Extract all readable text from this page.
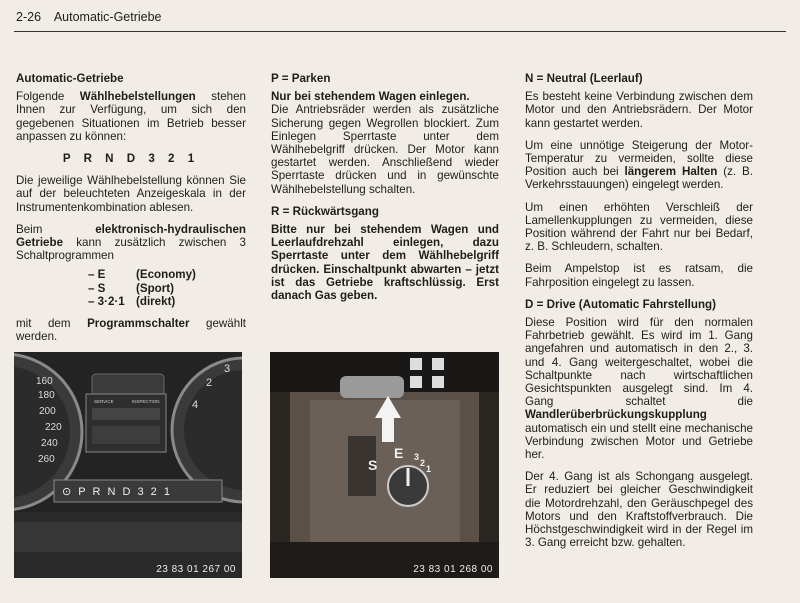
2-26 Automatic-Getriebe
Automatic-Getriebe

Folgende Wählhebelstellungen stehen Ihnen zur Verfügung, um sich den gegebenen Situationen im Betrieb besser anpassen zu können:

P R N D 3 2 1

Die jeweilige Wählhebelstellung können Sie auf der beleuchteten Anzeigeskala in der Instrumentenkombination ablesen.

Beim elektronisch-hydraulischen Getriebe kann zusätzlich zwischen 3 Schaltprogrammen

– E	(Economy)
– S	(Sport)
– 3·2·1 (direkt)

mit dem Programmschalter gewählt werden.

P = Parken
Nur bei stehendem Wagen einlegen.

Die Antriebsräder werden als zusätzliche Sicherung gegen Wegrollen blockiert. Zum Einlegen Sperrtaste unter dem Wählhebelgriff drücken. Der Motor kann gestartet werden. Anschließend wieder Sperrtaste drücken und in gewünschte Wählhebelstellung schalten.

R = Rückwärtsgang

Bitte nur bei stehendem Wagen und Leerlaufdrehzahl einlegen, dazu Sperrtaste unter dem Wählhebelgriff drücken. Einschaltpunkt abwarten – jetzt ist das Getriebe kraftschlüssig. Erst danach Gas geben.

N = Neutral (Leerlauf)

Es besteht keine Verbindung zwischen dem Motor und den Antriebsrädern. Der Motor kann gestartet werden.

Um eine unnötige Steigerung der Motor-Temperatur zu vermeiden, sollte diese Position auch bei längerem Halten (z. B. Verkehrsstauungen) eingelegt werden.

Um einen erhöhten Verschleiß der Lamellenkupplungen zu vermeiden, diese Position während der Fahrt nur bei Bedarf, z. B. Schleudern, schalten.

Beim Ampelstop ist es ratsam, die Fahrposition eingelegt zu lassen.

D = Drive (Automatic Fahrstellung)

Diese Position wird für den normalen Fahrbetrieb gewählt. Es wird im 1. Gang angefahren und automatisch in den 2., 3. und 4. Gang weitergeschaltet, wobei die Schaltpunkte nach wirtschaftlichen Gesichtspunkten ausgelegt sind. Im 4. Gang schaltet die Wandlerüberbrückungskupplung automatisch ein und stellt eine mechanische Verbindung zwischen Motor und Getriebe her.

Der 4. Gang ist als Schongang ausgelegt. Er reduziert bei gleicher Geschwindigkeit die Motordrehzahl, den Geräuschpegel des Motors und den Kraftstoffverbrauch. Die Höchstgeschwindigkeit wird in der Regel im 3. Gang erreicht bzw. gehalten.

160
180
200
220
240
260
SERVICE	INSPECTION
2
3
4
⊙ P R N D 3 2 1
23 83 01 267 00
S
E 3
2
1
23 83 01 268 00
